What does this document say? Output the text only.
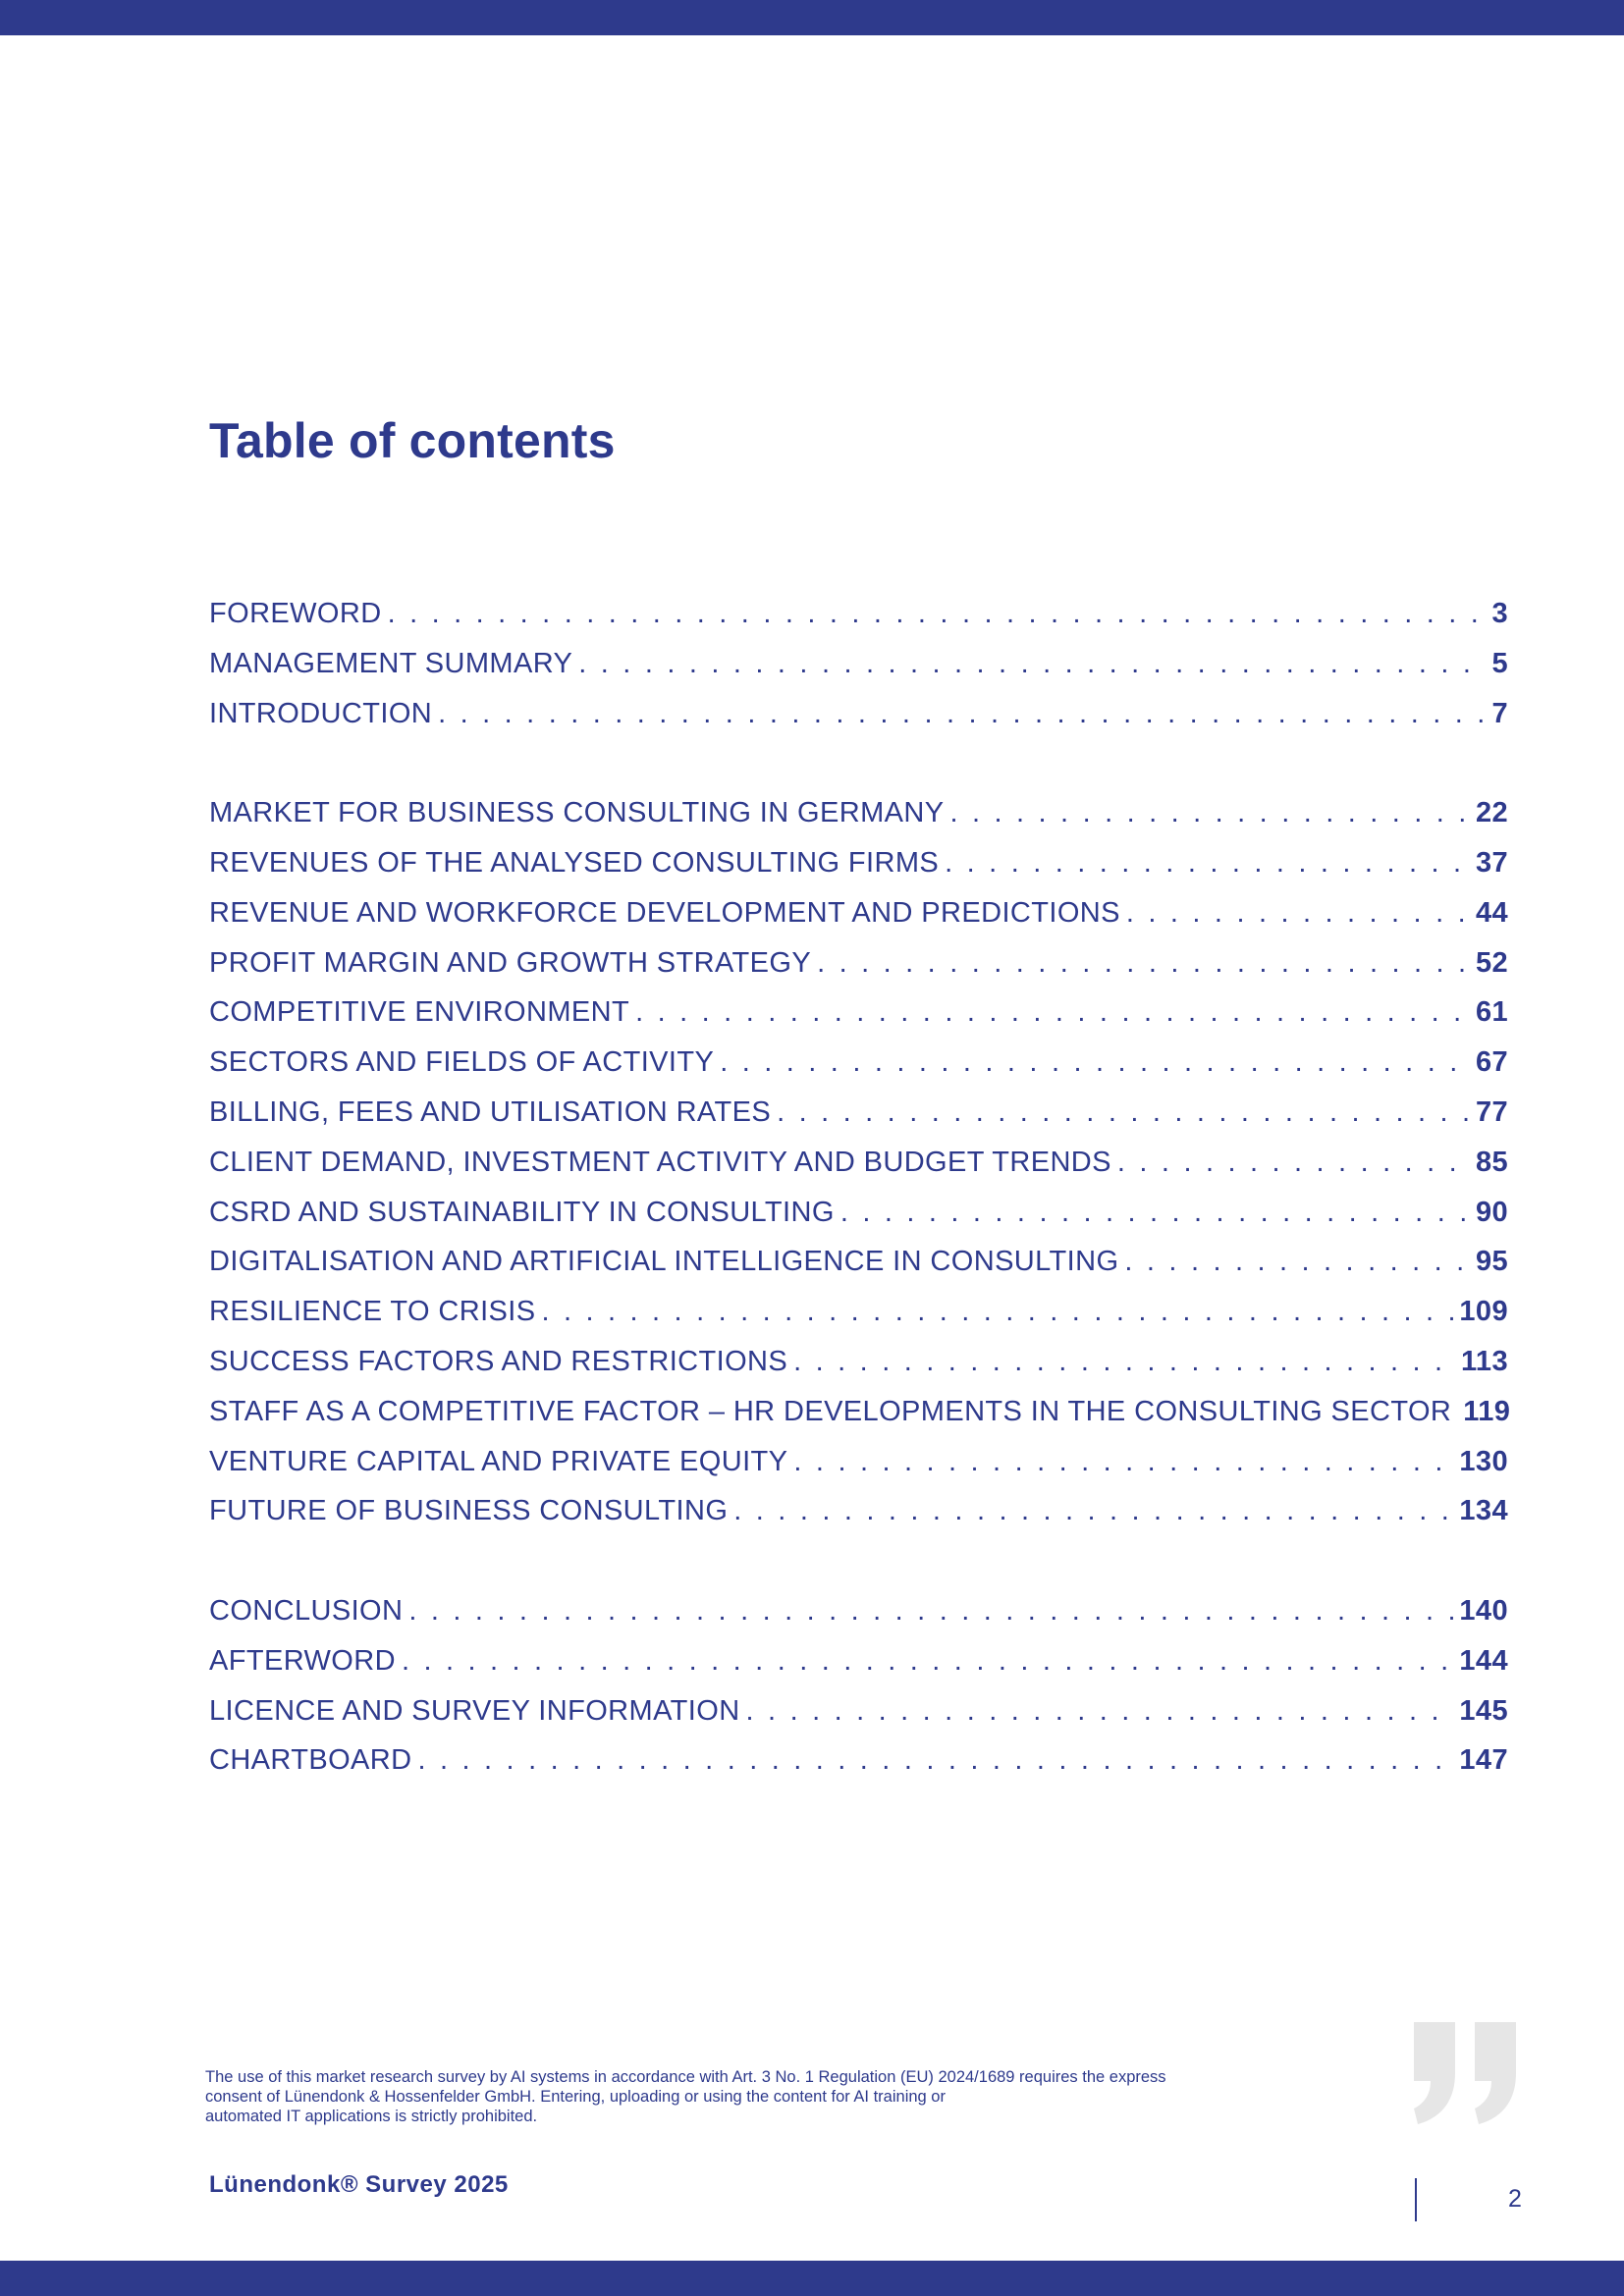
Table of contents
FOREWORD . . .	3
MANAGEMENT SUMMARY . . .	5
INTRODUCTION . . .	7
MARKET FOR BUSINESS CONSULTING IN GERMANY . . .	22
REVENUES OF THE ANALYSED CONSULTING FIRMS . . .	37
REVENUE AND WORKFORCE DEVELOPMENT AND PREDICTIONS . . .	44
PROFIT MARGIN AND GROWTH STRATEGY . . .	52
COMPETITIVE ENVIRONMENT . . .	61
SECTORS AND FIELDS OF ACTIVITY . . .	67
BILLING, FEES AND UTILISATION RATES . . .	77
CLIENT DEMAND, INVESTMENT ACTIVITY AND BUDGET TRENDS . . .	85
CSRD AND SUSTAINABILITY IN CONSULTING . . .	90
DIGITALISATION AND ARTIFICIAL INTELLIGENCE IN CONSULTING . . .	95
RESILIENCE TO CRISIS . . .	109
SUCCESS FACTORS AND RESTRICTIONS . . .	113
STAFF AS A COMPETITIVE FACTOR – HR DEVELOPMENTS IN THE CONSULTING SECTOR 119
VENTURE CAPITAL AND PRIVATE EQUITY . . .	130
FUTURE OF BUSINESS CONSULTING . . .	134
CONCLUSION . . .	140
AFTERWORD . . .	144
LICENCE AND SURVEY INFORMATION . . .	145
CHARTBOARD . . .	147

The use of this market research survey by AI systems in accordance with Art. 3 No. 1 Regulation (EU) 2024/1689 requires the express
consent of Lünendonk & Hossenfelder GmbH. Entering, uploading or using the content for AI training or
automated IT applications is strictly prohibited.

Lünendonk® Survey 2025
2
